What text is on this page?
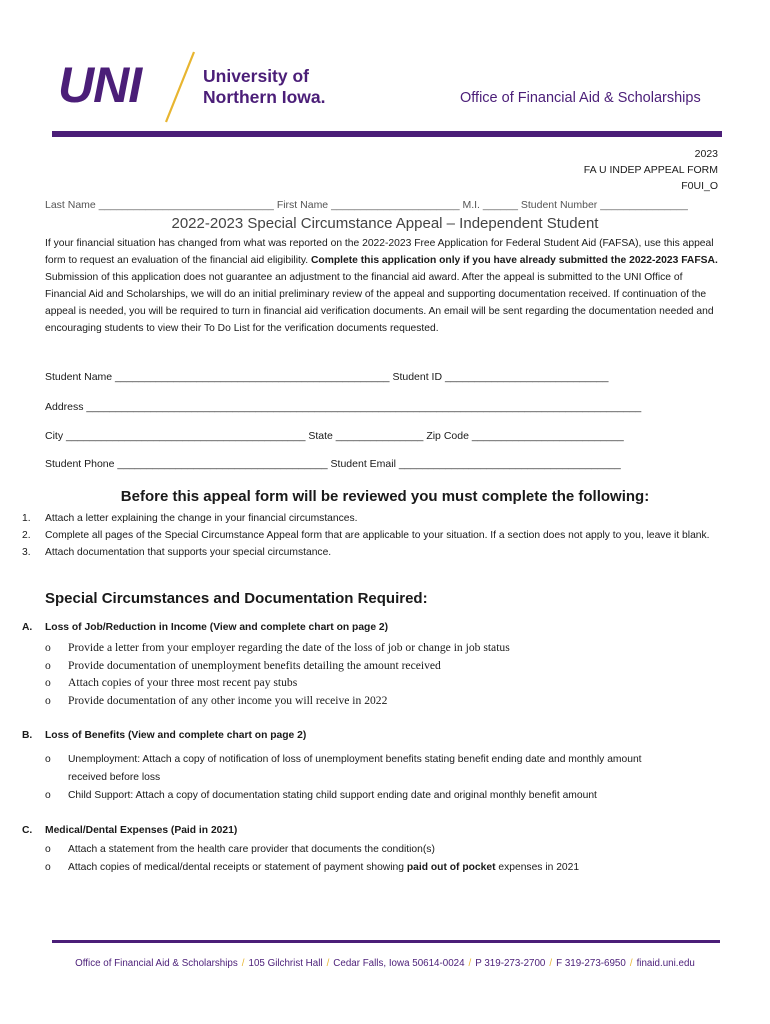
UNI	University of
Northern Iowa.	Office of Financial Aid & Scholarships
2023
FA U INDEP APPEAL FORM
F0UI_O
Last Name ______________________________ First Name ______________________ M.I. ______ Student Number _______________
2022-2023 Special Circumstance Appeal – Independent Student
If your financial situation has changed from what was reported on the 2022-2023 Free Application for Federal Student Aid (FAFSA), use this appeal form to request an evaluation of the financial aid eligibility. Complete this application only if you have already submitted the 2022-2023 FAFSA. Submission of this application does not guarantee an adjustment to the financial aid award. After the appeal is submitted to the UNI Office of Financial Aid and Scholarships, we will do an initial preliminary review of the appeal and supporting documentation received. If continuation of the appeal is needed, you will be required to turn in financial aid verification documents. An email will be sent regarding the documentation needed and encouraging students to view their To Do List for the verification documents requested.
Student Name _______________________________________________ Student ID ____________________________
Address _______________________________________________________________________________________________
City _________________________________________ State _______________ Zip Code __________________________
Student Phone ____________________________________ Student Email ______________________________________
Before this appeal form will be reviewed you must complete the following:
1. Attach a letter explaining the change in your financial circumstances.
2. Complete all pages of the Special Circumstance Appeal form that are applicable to your situation. If a section does not apply to you, leave it blank.
3. Attach documentation that supports your special circumstance.
Special Circumstances and Documentation Required:
A. Loss of Job/Reduction in Income (View and complete chart on page 2)
o Provide a letter from your employer regarding the date of the loss of job or change in job status
o Provide documentation of unemployment benefits detailing the amount received
o Attach copies of your three most recent pay stubs
o Provide documentation of any other income you will receive in 2022
B. Loss of Benefits (View and complete chart on page 2)
o Unemployment: Attach a copy of notification of loss of unemployment benefits stating benefit ending date and monthly amount received before loss
o Child Support: Attach a copy of documentation stating child support ending date and original monthly benefit amount
C. Medical/Dental Expenses (Paid in 2021)
o Attach a statement from the health care provider that documents the condition(s)
o Attach copies of medical/dental receipts or statement of payment showing paid out of pocket expenses in 2021
Office of Financial Aid & Scholarships / 105 Gilchrist Hall / Cedar Falls, Iowa 50614-0024 / P 319-273-2700 / F 319-273-6950 / finaid.uni.edu
